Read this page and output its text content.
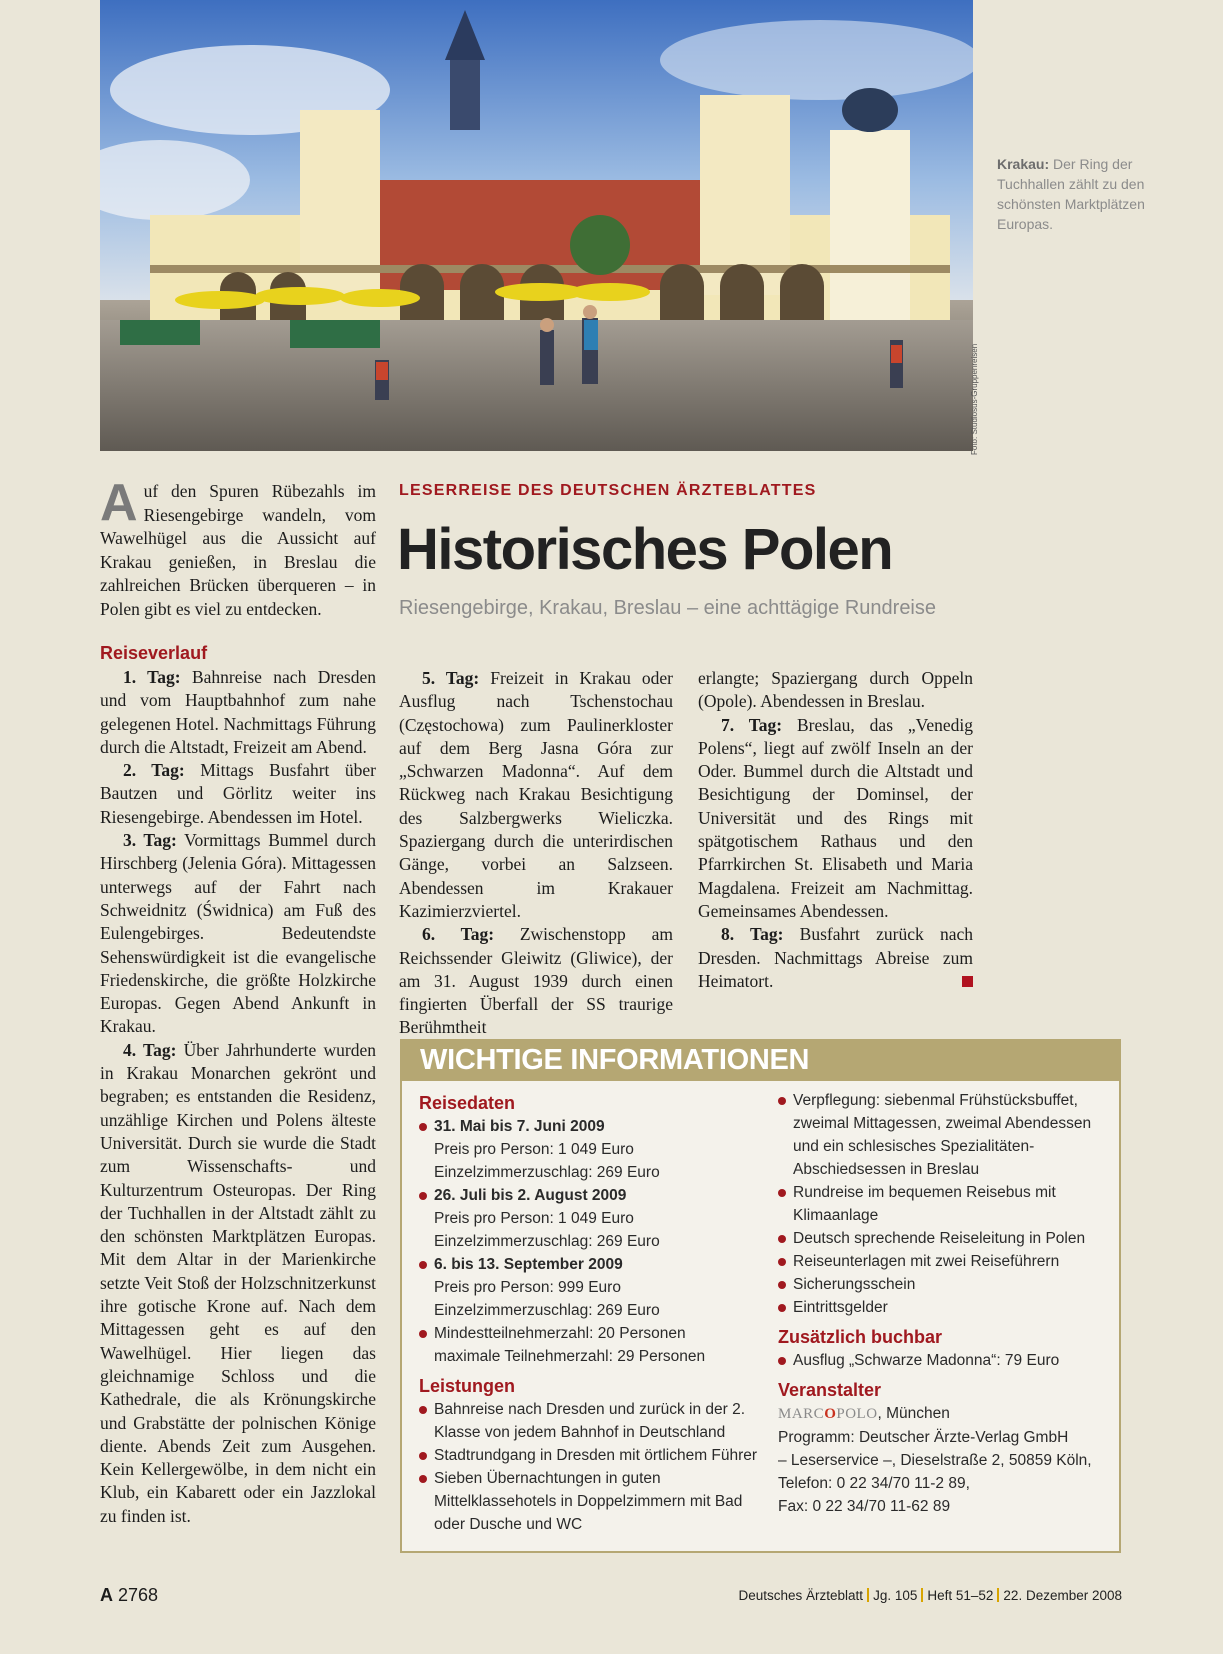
Foto: Studiosus-Gruppenreisen
Krakau: Der Ring der Tuchhallen zählt zu den schönsten Marktplätzen Europas.
Auf den Spuren Rübezahls im Riesengebirge wandeln, vom Wawelhügel aus die Aussicht auf Krakau genießen, in Breslau die zahlreichen Brücken überqueren – in Polen gibt es viel zu entdecken.
LESERREISE DES DEUTSCHEN ÄRZTEBLATTES
Historisches Polen
Riesengebirge, Krakau, Breslau – eine achttägige Rundreise
Reiseverlauf

1. Tag: Bahnreise nach Dresden und vom Hauptbahnhof zum nahe gelegenen Hotel. Nachmittags Führung durch die Altstadt, Freizeit am Abend.

2. Tag: Mittags Busfahrt über Bautzen und Görlitz weiter ins Riesengebirge. Abendessen im Hotel.

3. Tag: Vormittags Bummel durch Hirschberg (Jelenia Góra). Mittagessen unterwegs auf der Fahrt nach Schweidnitz (Świdnica) am Fuß des Eulengebirges. Bedeutendste Sehenswürdigkeit ist die evangelische Friedenskirche, die größte Holzkirche Europas. Gegen Abend Ankunft in Krakau.

4. Tag: Über Jahrhunderte wurden in Krakau Monarchen gekrönt und begraben; es entstanden die Residenz, unzählige Kirchen und Polens älteste Universität. Durch sie wurde die Stadt zum Wissenschafts- und Kulturzentrum Osteuropas. Der Ring der Tuchhallen in der Altstadt zählt zu den schönsten Marktplätzen Europas. Mit dem Altar in der Marienkirche setzte Veit Stoß der Holzschnitzerkunst ihre gotische Krone auf. Nach dem Mittagessen geht es auf den Wawelhügel. Hier liegen das gleichnamige Schloss und die Kathedrale, die als Krönungskirche und Grabstätte der polnischen Könige diente. Abends Zeit zum Ausgehen. Kein Kellergewölbe, in dem nicht ein Klub, ein Kabarett oder ein Jazzlokal zu finden ist.

5. Tag: Freizeit in Krakau oder Ausflug nach Tschenstochau (Częstochowa) zum Paulinerkloster auf dem Berg Jasna Góra zur „Schwarzen Madonna“. Auf dem Rückweg nach Krakau Besichtigung des Salzbergwerks Wieliczka. Spaziergang durch die unterirdischen Gänge, vorbei an Salzseen. Abendessen im Krakauer Kazimierzviertel.

6. Tag: Zwischenstopp am Reichssender Gleiwitz (Gliwice), der am 31. August 1939 durch einen fingierten Überfall der SS traurige Berühmtheit

erlangte; Spaziergang durch Oppeln (Opole). Abendessen in Breslau.

7. Tag: Breslau, das „Venedig Polens“, liegt auf zwölf Inseln an der Oder. Bummel durch die Altstadt und Besichtigung der Dominsel, der Universität und des Rings mit spätgotischem Rathaus und den Pfarrkirchen St. Elisabeth und Maria Magdalena. Freizeit am Nachmittag. Gemeinsames Abendessen.

8. Tag: Busfahrt zurück nach Dresden. Nachmittags Abreise zum Heimatort.

WICHTIGE INFORMATIONEN
Reisedaten
31. Mai bis 7. Juni 2009
Preis pro Person: 1 049 Euro
Einzelzimmerzuschlag: 269 Euro
26. Juli bis 2. August 2009
Preis pro Person: 1 049 Euro
Einzelzimmerzuschlag: 269 Euro
6. bis 13. September 2009
Preis pro Person: 999 Euro
Einzelzimmerzuschlag: 269 Euro
Mindestteilnehmerzahl: 20 Personen
maximale Teilnehmerzahl: 29 Personen
Leistungen
Bahnreise nach Dresden und zurück in der 2. Klasse von jedem Bahnhof in Deutschland
Stadtrundgang in Dresden mit örtlichem Führer
Sieben Übernachtungen in guten Mittelklassehotels in Doppelzimmern mit Bad oder Dusche und WC
Verpflegung: siebenmal Frühstücksbuffet, zweimal Mittagessen, zweimal Abendessen und ein schlesisches Spezialitäten-Abschiedsessen in Breslau
Rundreise im bequemen Reisebus mit Klimaanlage
Deutsch sprechende Reiseleitung in Polen
Reiseunterlagen mit zwei Reiseführern
Sicherungsschein
Eintrittsgelder
Zusätzlich buchbar
Ausflug „Schwarze Madonna“: 79 Euro
Veranstalter
MARCOPOLO, München
Programm: Deutscher Ärzte-Verlag GmbH
– Leserservice –, Dieselstraße 2, 50859 Köln,
Telefon: 0 22 34/70 11-2 89,
Fax: 0 22 34/70 11-62 89
A 2768	Deutsches Ärzteblatt Jg. 105 Heft 51–52 22. Dezember 2008
